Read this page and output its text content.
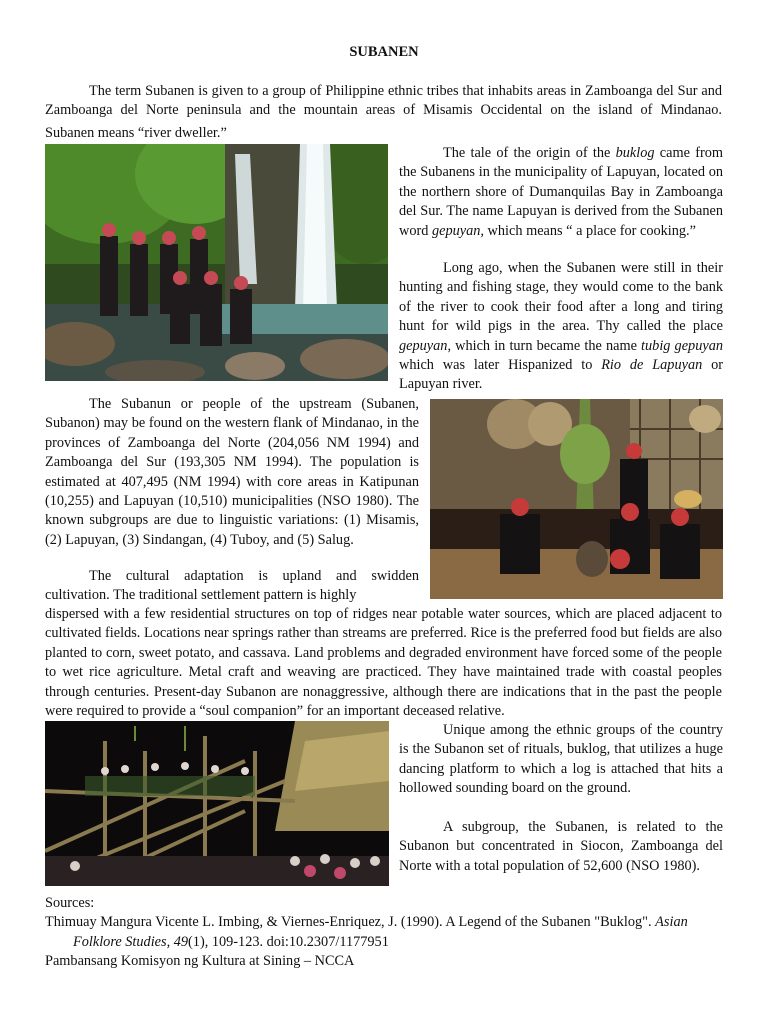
SUBANEN

The term Subanen is given to a group of Philippine ethnic tribes that inhabits areas in Zamboanga del Sur and Zamboanga del Norte peninsula and the mountain areas of Misamis Occidental on the island of Mindanao.

Subanen means “river dweller.”

The tale of the origin of the buklog came from the Subanens in the municipality of Lapuyan, located on the northern shore of Dumanquilas Bay in Zamboanga del Sur. The name Lapuyan is derived from the Subanen word gepuyan, which means “ a place for cooking.”

Long ago, when the Subanen were still in their hunting and fishing stage, they would come to the bank of the river to cook their food after a long and tiring hunt for wild pigs in the area. Thy called the place gepuyan, which in turn became the name tubig gepuyan which was later Hispanized to Rio de Lapuyan or Lapuyan river.

The Subanun or people of the upstream (Subanen, Subanon) may be found on the western flank of Mindanao, in the provinces of Zamboanga del Norte (204,056 NM 1994) and Zamboanga del Sur (193,305 NM 1994). The population is estimated at 407,495 (NM 1994) with core areas in Katipunan (10,255) and Lapuyan (10,510) municipalities (NSO 1980). The known subgroups are due to linguistic variations: (1) Misamis, (2) Lapuyan, (3) Sindangan, (4) Tuboy, and (5) Salug.

The cultural adaptation is upland and swidden cultivation. The traditional settlement pattern is highly

dispersed with a few residential structures on top of ridges near potable water sources, which are placed adjacent to cultivated fields. Locations near springs rather than streams are preferred. Rice is the preferred food but fields are also planted to corn, sweet potato, and cassava. Land problems and degraded environment have forced some of the people to wet rice agriculture. Metal craft and weaving are practiced. They have maintained trade with coastal peoples through centuries. Present-day Subanon are nonaggressive, although there are indications that in the past the people were required to provide a “soul companion” for an important deceased relative.

Unique among the ethnic groups of the country is the Subanon set of rituals, buklog, that utilizes a huge dancing platform to which a log is attached that hits a hollowed sounding board on the ground.

A subgroup, the Subanen, is related to the Subanon but concentrated in Siocon, Zamboanga del Norte with a total population of 52,600 (NSO 1980).

Sources:

Thimuay Mangura Vicente L. Imbing, & Viernes-Enriquez, J. (1990). A Legend of the Subanen "Buklog". Asian

Folklore Studies, 49(1), 109-123. doi:10.2307/1177951

Pambansang Komisyon ng Kultura at Sining – NCCA
